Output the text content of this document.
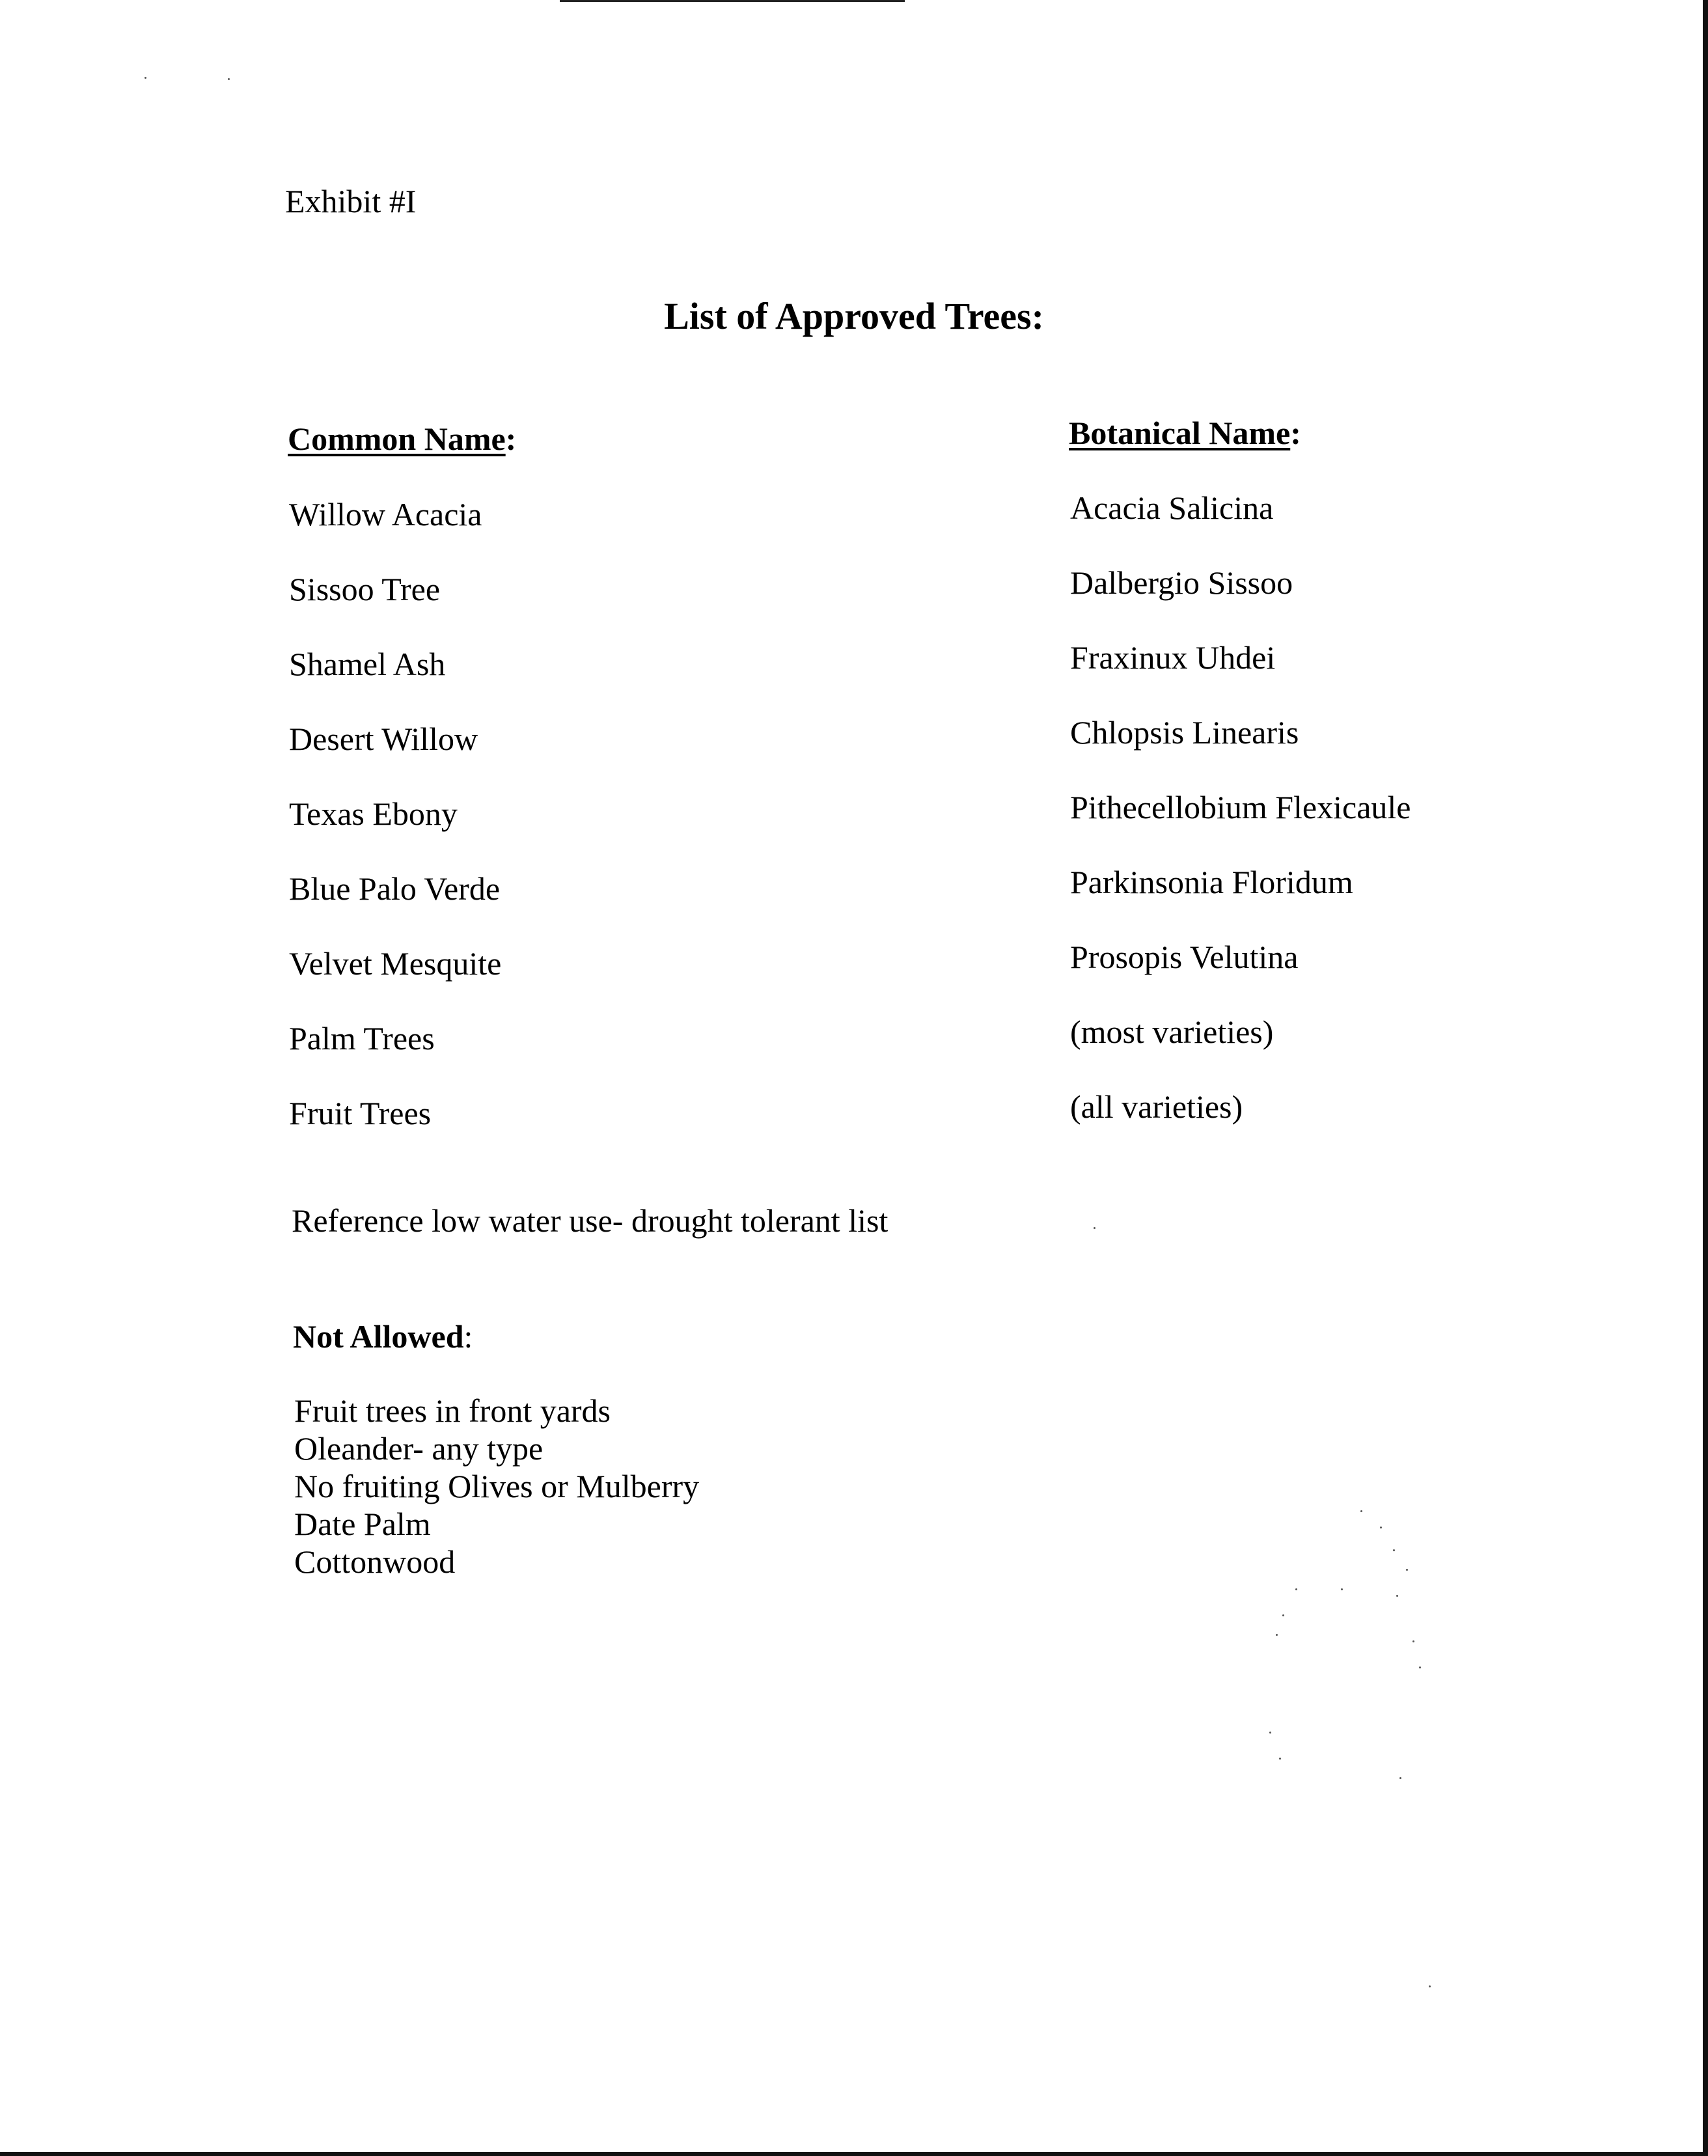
Exhibit #I
List of Approved Trees:
Common Name:	Botanical Name:
Willow Acacia
Sissoo Tree
Shamel Ash
Desert Willow
Texas Ebony
Blue Palo Verde
Velvet Mesquite
Palm Trees
Fruit Trees
Acacia Salicina
Dalbergio Sissoo
Fraxinux Uhdei
Chlopsis Linearis
Pithecellobium Flexicaule
Parkinsonia Floridum
Prosopis Velutina
(most varieties)
(all varieties)
Reference low water use- drought tolerant list
Not Allowed:
Fruit trees in front yards
Oleander- any type
No fruiting Olives or Mulberry
Date Palm
Cottonwood
